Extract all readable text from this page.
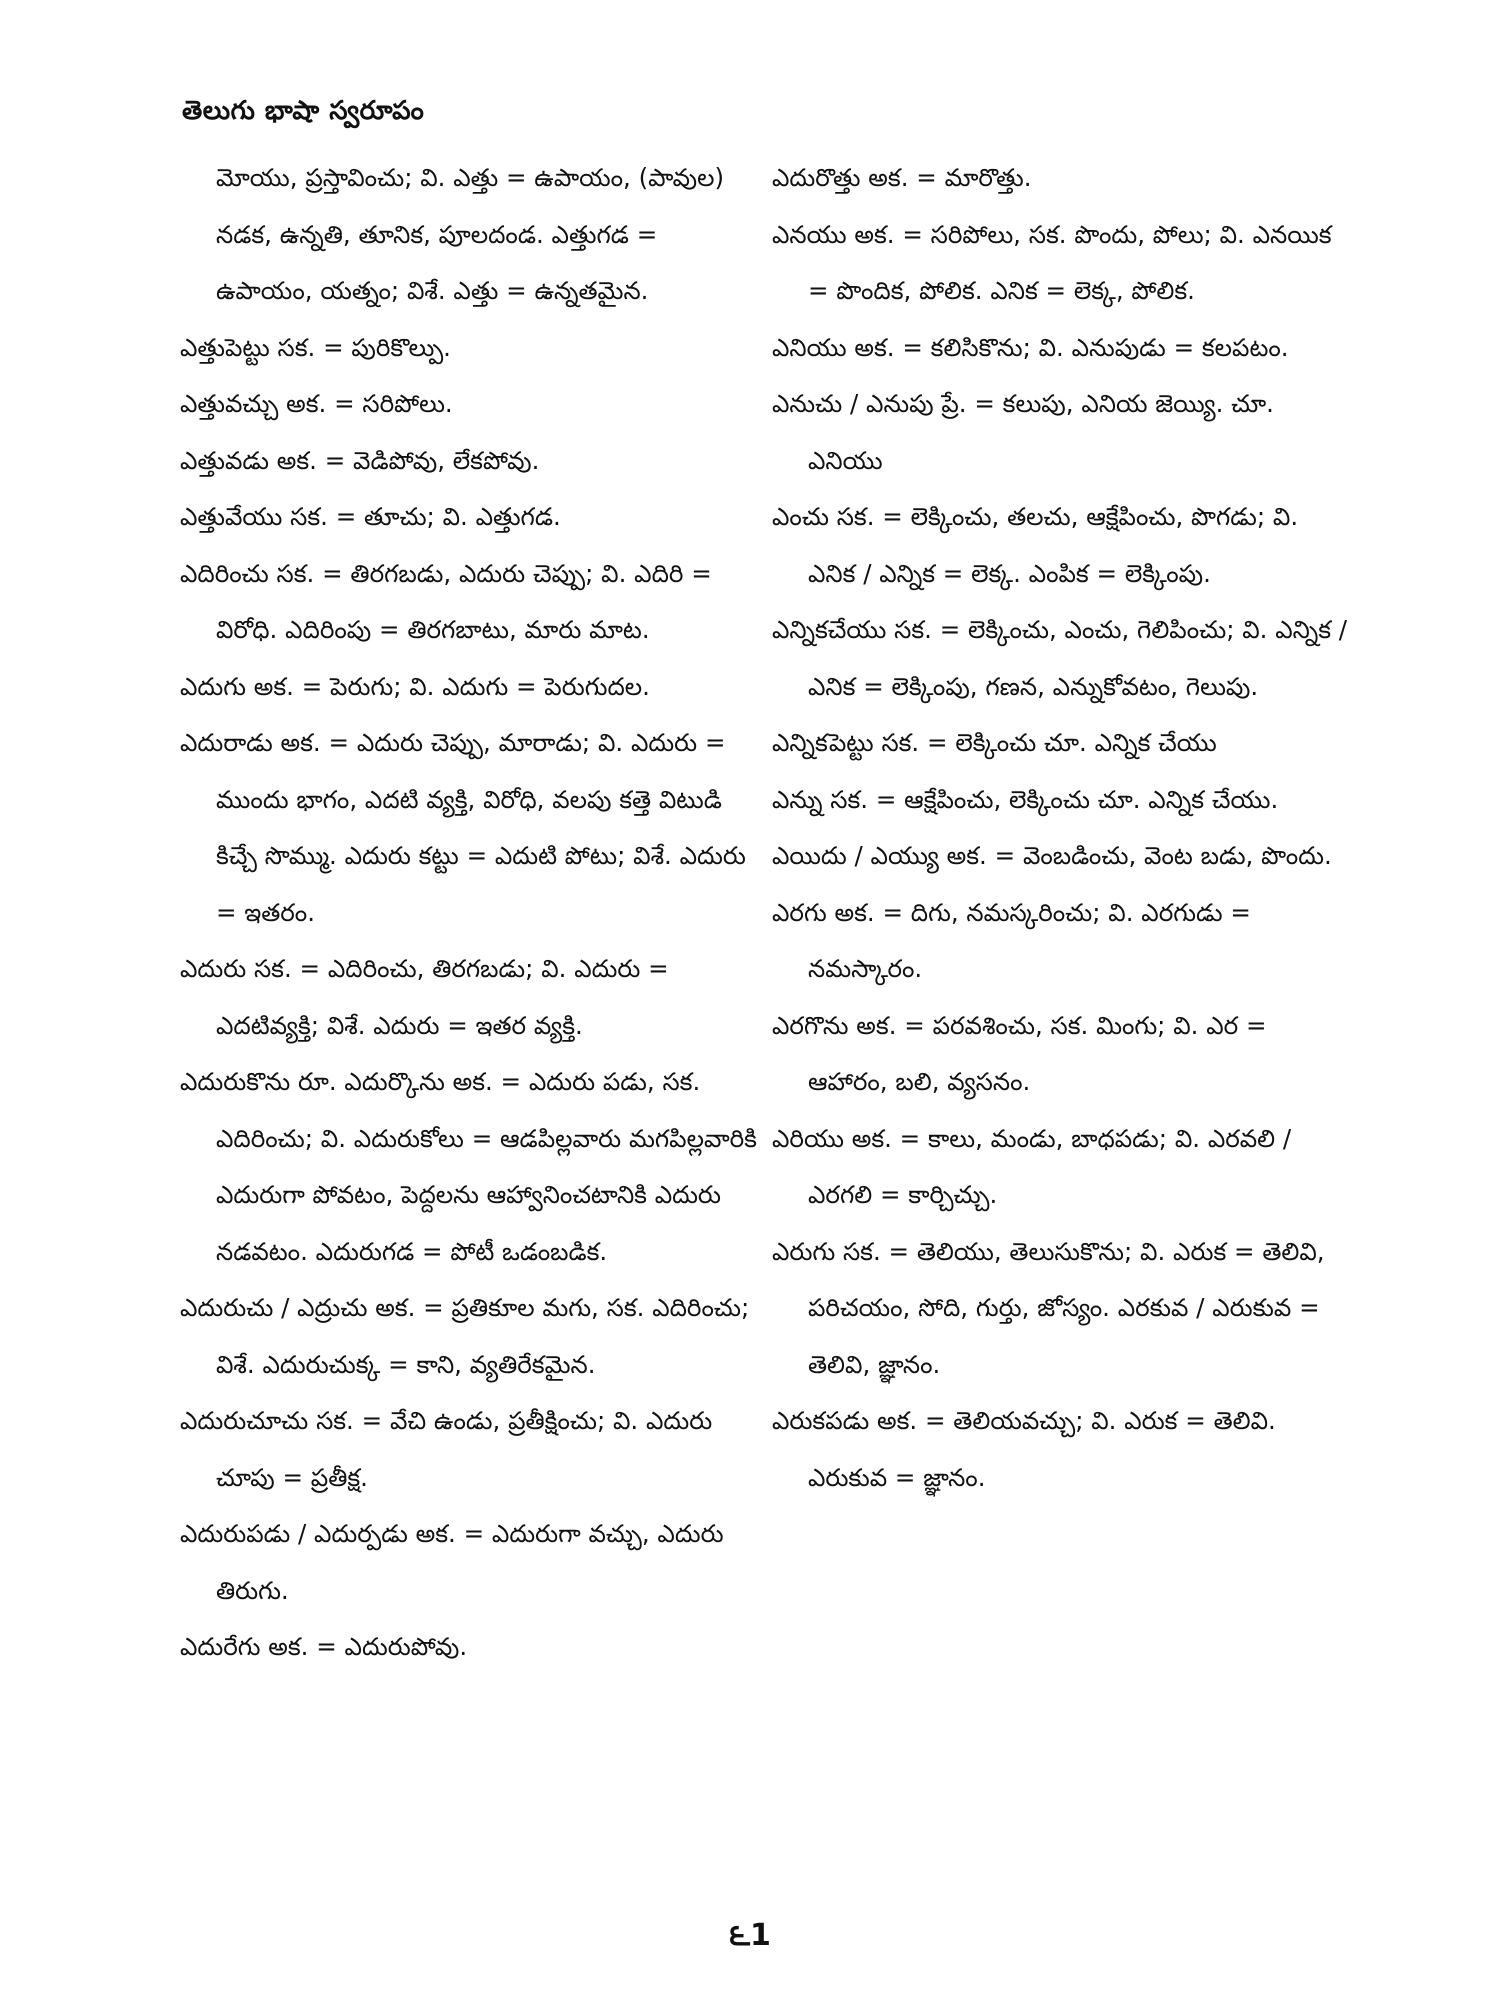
తెలుగు భాషా స్వరూపం

మోయు, ప్రస్తావించు; వి. ఎత్తు = ఉపాయం, (పావుల) నడక, ఉన్నతి, తూనిక, పూలదండ. ఎత్తుగడ = ఉపాయం, యత్నం; విశే. ఎత్తు = ఉన్నతమైన.

ఎత్తుపెట్టు సక. = పురికొల్పు.

ఎత్తువచ్చు అక. = సరిపోలు.

ఎత్తువడు అక. = వెడిపోవు, లేకపోవు.

ఎత్తువేయు సక. = తూచు; వి. ఎత్తుగడ.

ఎదిరించు సక. = తిరగబడు, ఎదురు చెప్పు; వి. ఎదిరి = విరోధి. ఎదిరింపు = తిరగబాటు, మారు మాట.

ఎదుగు అక. = పెరుగు; వి. ఎదుగు = పెరుగుదల.

ఎదురాడు అక. = ఎదురు చెప్పు, మారాడు; వి. ఎదురు = ముందు భాగం, ఎదటి వ్యక్తి, విరోధి, వలపు కత్తె విటుడి కిచ్చే సొమ్ము. ఎదురు కట్టు = ఎదుటి పోటు; విశే. ఎదురు = ఇతరం.

ఎదురు సక. = ఎదిరించు, తిరగబడు; వి. ఎదురు = ఎదటివ్యక్తి; విశే. ఎదురు = ఇతర వ్యక్తి.

ఎదురుకొను రూ. ఎదుర్కొను అక. = ఎదురు పడు, సక. ఎదిరించు; వి. ఎదురుకోలు = ఆడపిల్లవారు మగపిల్లవారికి ఎదురుగా పోవటం, పెద్దలను ఆహ్వానించటానికి ఎదురు నడవటం. ఎదురుగడ = పోటీ ఒడంబడిక.

ఎదురుచు / ఎద్రుచు అక. = ప్రతికూల మగు, సక. ఎదిరించు; విశే. ఎదురుచుక్క = కాని, వ్యతిరేకమైన.

ఎదురుచూచు సక. = వేచి ఉండు, ప్రతీక్షించు; వి. ఎదురు చూపు = ప్రతీక్ష.

ఎదురుపడు / ఎదుర్పడు అక. = ఎదురుగా వచ్చు, ఎదురు తిరుగు.

ఎదురేగు అక. = ఎదురుపోవు.

ఎదురొత్తు అక. = మారొత్తు.

ఎనయు అక. = సరిపోలు, సక. పొందు, పోలు; వి. ఎనయిక = పొందిక, పోలిక. ఎనిక = లెక్క, పోలిక.

ఎనియు అక. = కలిసికొను; వి. ఎనుపుడు = కలపటం.

ఎనుచు / ఎనుపు ప్రే. = కలుపు, ఎనియ జెయ్యి. చూ. ఎనియు

ఎంచు సక. = లెక్కించు, తలచు, ఆక్షేపించు, పొగడు; వి. ఎనిక / ఎన్నిక = లెక్క. ఎంపిక = లెక్కింపు.

ఎన్నికచేయు సక. = లెక్కించు, ఎంచు, గెలిపించు; వి. ఎన్నిక / ఎనిక = లెక్కింపు, గణన, ఎన్నుకోవటం, గెలుపు.

ఎన్నికపెట్టు సక. = లెక్కించు చూ. ఎన్నిక చేయు

ఎన్ను సక. = ఆక్షేపించు, లెక్కించు చూ. ఎన్నిక చేయు.

ఎయిదు / ఎయ్యు అక. = వెంబడించు, వెంట బడు, పొందు.

ఎరగు అక. = దిగు, నమస్కరించు; వి. ఎరగుడు = నమస్కారం.

ఎరగొను అక. = పరవశించు, సక. మింగు; వి. ఎర = ఆహారం, బలి, వ్యసనం.

ఎరియు అక. = కాలు, మండు, బాధపడు; వి. ఎరవలి / ఎరగలి = కార్చిచ్చు.

ఎరుగు సక. = తెలియు, తెలుసుకొను; వి. ఎరుక = తెలివి, పరిచయం, సోది, గుర్తు, జోస్యం. ఎరకువ / ఎరుకువ = తెలివి, జ్ఞానం.

ఎరుకపడు అక. = తెలియవచ్చు; వి. ఎరుక = తెలివి. ఎరుకువ = జ్ఞానం.

౬1
